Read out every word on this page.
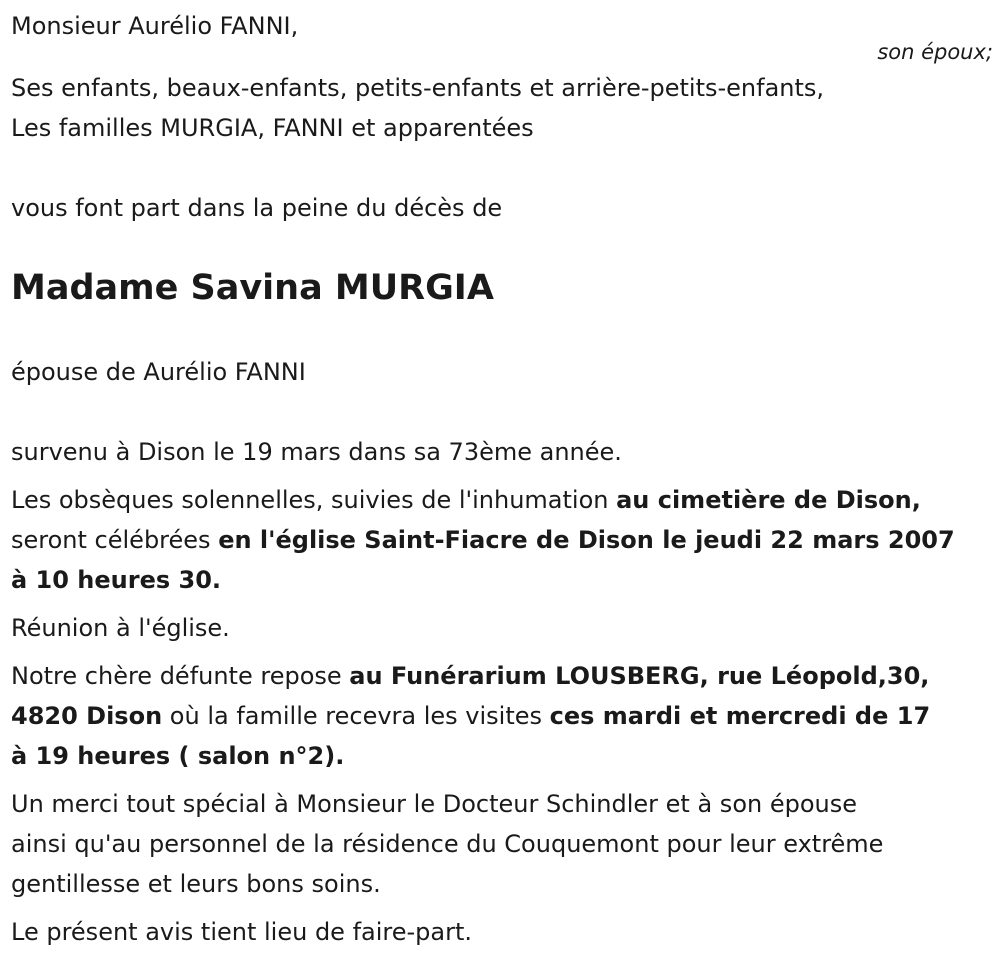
Monsieur Aurélio FANNI,
son époux;
Ses enfants, beaux-enfants, petits-enfants et arrière-petits-enfants,
Les familles MURGIA, FANNI et apparentées
vous font part dans la peine du décès de
Madame Savina MURGIA
épouse de Aurélio FANNI
survenu à Dison le 19 mars dans sa 73ème année.
Les obsèques solennelles, suivies de l'inhumation au cimetière de Dison,
seront célébrées en l'église Saint-Fiacre de Dison le jeudi 22 mars 2007
à 10 heures 30.
Réunion à l'église.
Notre chère défunte repose au Funérarium LOUSBERG, rue Léopold,30,
4820 Dison où la famille recevra les visites ces mardi et mercredi de 17
à 19 heures ( salon n°2).
Un merci tout spécial à Monsieur le Docteur Schindler et à son épouse
ainsi qu'au personnel de la résidence du Couquemont pour leur extrême
gentillesse et leurs bons soins.
Le présent avis tient lieu de faire-part.
